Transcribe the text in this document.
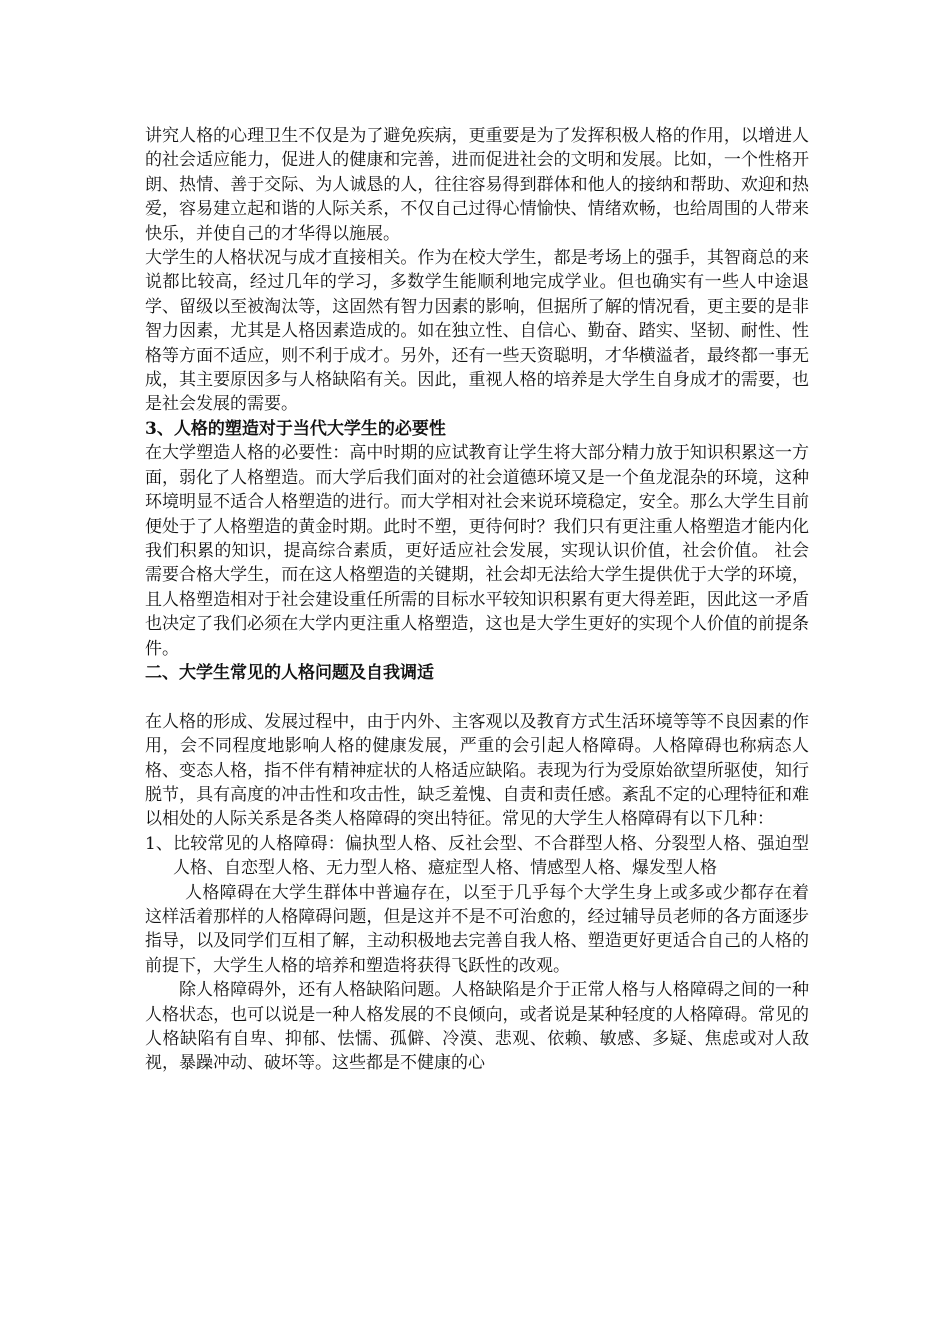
讲究人格的心理卫生不仅是为了避免疾病，更重要是为了发挥积极人格的作用，以增进人的社会适应能力，促进人的健康和完善，进而促进社会的文明和发展。比如，一个性格开朗、热情、善于交际、为人诚恳的人，往往容易得到群体和他人的接纳和帮助、欢迎和热爱，容易建立起和谐的人际关系，不仅自己过得心情愉快、情绪欢畅，也给周围的人带来快乐，并使自己的才华得以施展。

大学生的人格状况与成才直接相关。作为在校大学生，都是考场上的强手，其智商总的来说都比较高，经过几年的学习，多数学生能顺利地完成学业。但也确实有一些人中途退学、留级以至被淘汰等，这固然有智力因素的影响，但据所了解的情况看，更主要的是非智力因素，尤其是人格因素造成的。如在独立性、自信心、勤奋、踏实、坚韧、耐性、性格等方面不适应，则不利于成才。另外，还有一些天资聪明，才华横溢者，最终都一事无成，其主要原因多与人格缺陷有关。因此，重视人格的培养是大学生自身成才的需要，也是社会发展的需要。

3、人格的塑造对于当代大学生的必要性

在大学塑造人格的必要性：高中时期的应试教育让学生将大部分精力放于知识积累这一方面，弱化了人格塑造。而大学后我们面对的社会道德环境又是一个鱼龙混杂的环境，这种环境明显不适合人格塑造的进行。而大学相对社会来说环境稳定，安全。那么大学生目前便处于了人格塑造的黄金时期。此时不塑，更待何时？我们只有更注重人格塑造才能内化我们积累的知识，提高综合素质，更好适应社会发展，实现认识价值，社会价值。 社会需要合格大学生，而在这人格塑造的关键期，社会却无法给大学生提供优于大学的环境，且人格塑造相对于社会建设重任所需的目标水平较知识积累有更大得差距，因此这一矛盾也决定了我们必须在大学内更注重人格塑造，这也是大学生更好的实现个人价值的前提条件。

二、大学生常见的人格问题及自我调适

在人格的形成、发展过程中，由于内外、主客观以及教育方式生活环境等等不良因素的作用，会不同程度地影响人格的健康发展，严重的会引起人格障碍。人格障碍也称病态人格、变态人格，指不伴有精神症状的人格适应缺陷。表现为行为受原始欲望所驱使，知行脱节，具有高度的冲击性和攻击性，缺乏羞愧、自责和责任感。紊乱不定的心理特征和难以相处的人际关系是各类人格障碍的突出特征。常见的大学生人格障碍有以下几种：

1、 比较常见的人格障碍：偏执型人格、反社会型、不合群型人格、分裂型人格、强迫型人格、自恋型人格、无力型人格、癔症型人格、情感型人格、爆发型人格

人格障碍在大学生群体中普遍存在，以至于几乎每个大学生身上或多或少都存在着这样活着那样的人格障碍问题，但是这并不是不可治愈的，经过辅导员老师的各方面逐步指导，以及同学们互相了解，主动积极地去完善自我人格、塑造更好更适合自己的人格的前提下，大学生人格的培养和塑造将获得飞跃性的改观。

除人格障碍外，还有人格缺陷问题。人格缺陷是介于正常人格与人格障碍之间的一种人格状态，也可以说是一种人格发展的不良倾向，或者说是某种轻度的人格障碍。常见的人格缺陷有自卑、抑郁、怯懦、孤僻、冷漠、悲观、依赖、敏感、多疑、焦虑或对人敌视，暴躁冲动、破坏等。这些都是不健康的心
